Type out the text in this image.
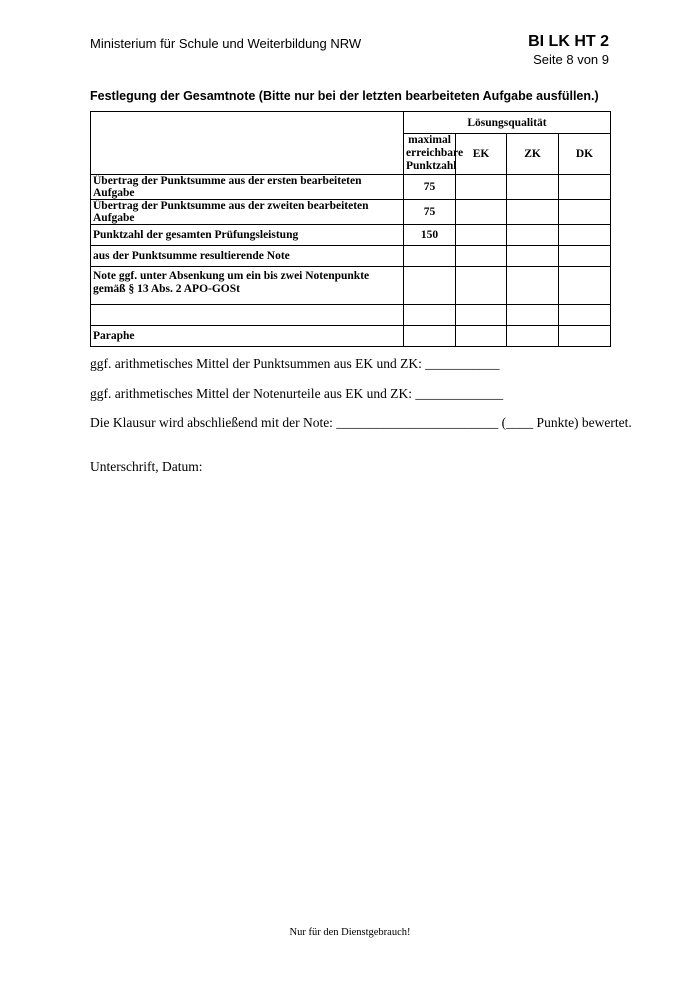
Ministerium für Schule und Weiterbildung NRW	BI LK HT 2
Seite 8 von 9
Festlegung der Gesamtnote (Bitte nur bei der letzten bearbeiteten Aufgabe ausfüllen.)
	Lösungsqualität			
	maximal erreichbare Punktzahl	EK	ZK	DK
Übertrag der Punktsumme aus der ersten bearbeiteten Aufgabe	75			
Übertrag der Punktsumme aus der zweiten bearbeiteten Aufgabe	75			
Punktzahl der gesamten Prüfungsleistung	150			
aus der Punktsumme resultierende Note				
Note ggf. unter Absenkung um ein bis zwei Notenpunkte gemäß § 13 Abs. 2 APO-GOSt				

Paraphe				
ggf. arithmetisches Mittel der Punktsummen aus EK und ZK: ___________
ggf. arithmetisches Mittel der Notenurteile aus EK und ZK: _____________
Die Klausur wird abschließend mit der Note: ________________________ (____ Punkte) bewertet.
Unterschrift, Datum:
Nur für den Dienstgebrauch!
